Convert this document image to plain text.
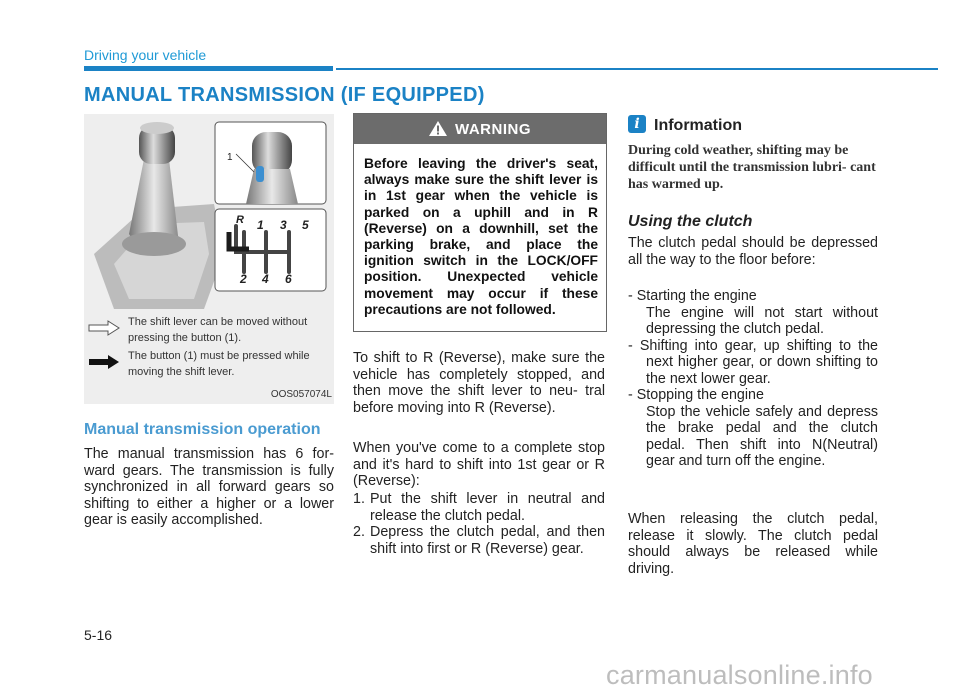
Driving your vehicle
MANUAL TRANSMISSION (IF EQUIPPED)
1
R 1 3 5
2 4 6
The shift lever can be moved without pressing the button (1).
The button (1) must be pressed while moving the shift lever.
OOS057074L
Manual transmission operation
The manual transmission has 6 for- ward gears. The transmission is fully synchronized in all forward gears so shifting to either a higher or a lower gear is easily accomplished.
WARNING
Before leaving the driver's seat, always make sure the shift lever is in 1st gear when the vehicle is parked on a uphill and in R (Reverse) on a downhill, set the parking brake, and place the ignition switch in the LOCK/OFF position. Unexpected vehicle movement may occur if these precautions are not followed.
To shift to R (Reverse), make sure the vehicle has completely stopped, and then move the shift lever to neu- tral before moving into R (Reverse).
When you've come to a complete stop and it's hard to shift into 1st gear or R (Reverse):
1. Put the shift lever in neutral and release the clutch pedal.
2. Depress the clutch pedal, and then shift into first or R (Reverse) gear.
i Information
During cold weather, shifting may be difficult until the transmission lubri- cant has warmed up.
Using the clutch
The clutch pedal should be depressed all the way to the floor before:
- Starting the engine
The engine will not start without depressing the clutch pedal.
- Shifting into gear, up shifting to the next higher gear, or down shifting to the next lower gear.
- Stopping the engine
Stop the vehicle safely and depress the brake pedal and the clutch pedal. Then shift into N(Neutral) gear and turn off the engine.
When releasing the clutch pedal, release it slowly. The clutch pedal should always be released while driving.
5-16
carmanualsonline.info
